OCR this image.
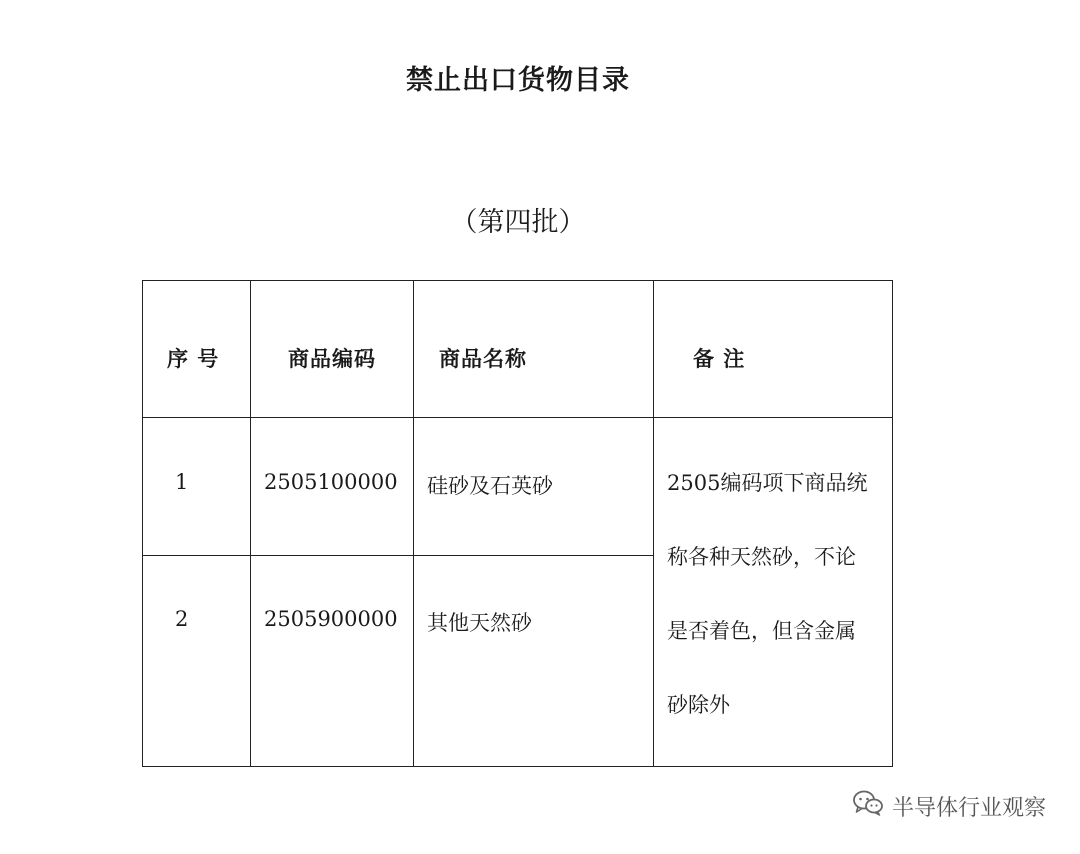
禁止出口货物目录
（第四批）
序 号	商品编码	商品名称	备 注
1	2505100000 硅砂及石英砂
2	2505900000 其他天然砂
2505编码项下商品统
称各种天然砂，不论
是否着色，但含金属
砂除外
半导体行业观察
